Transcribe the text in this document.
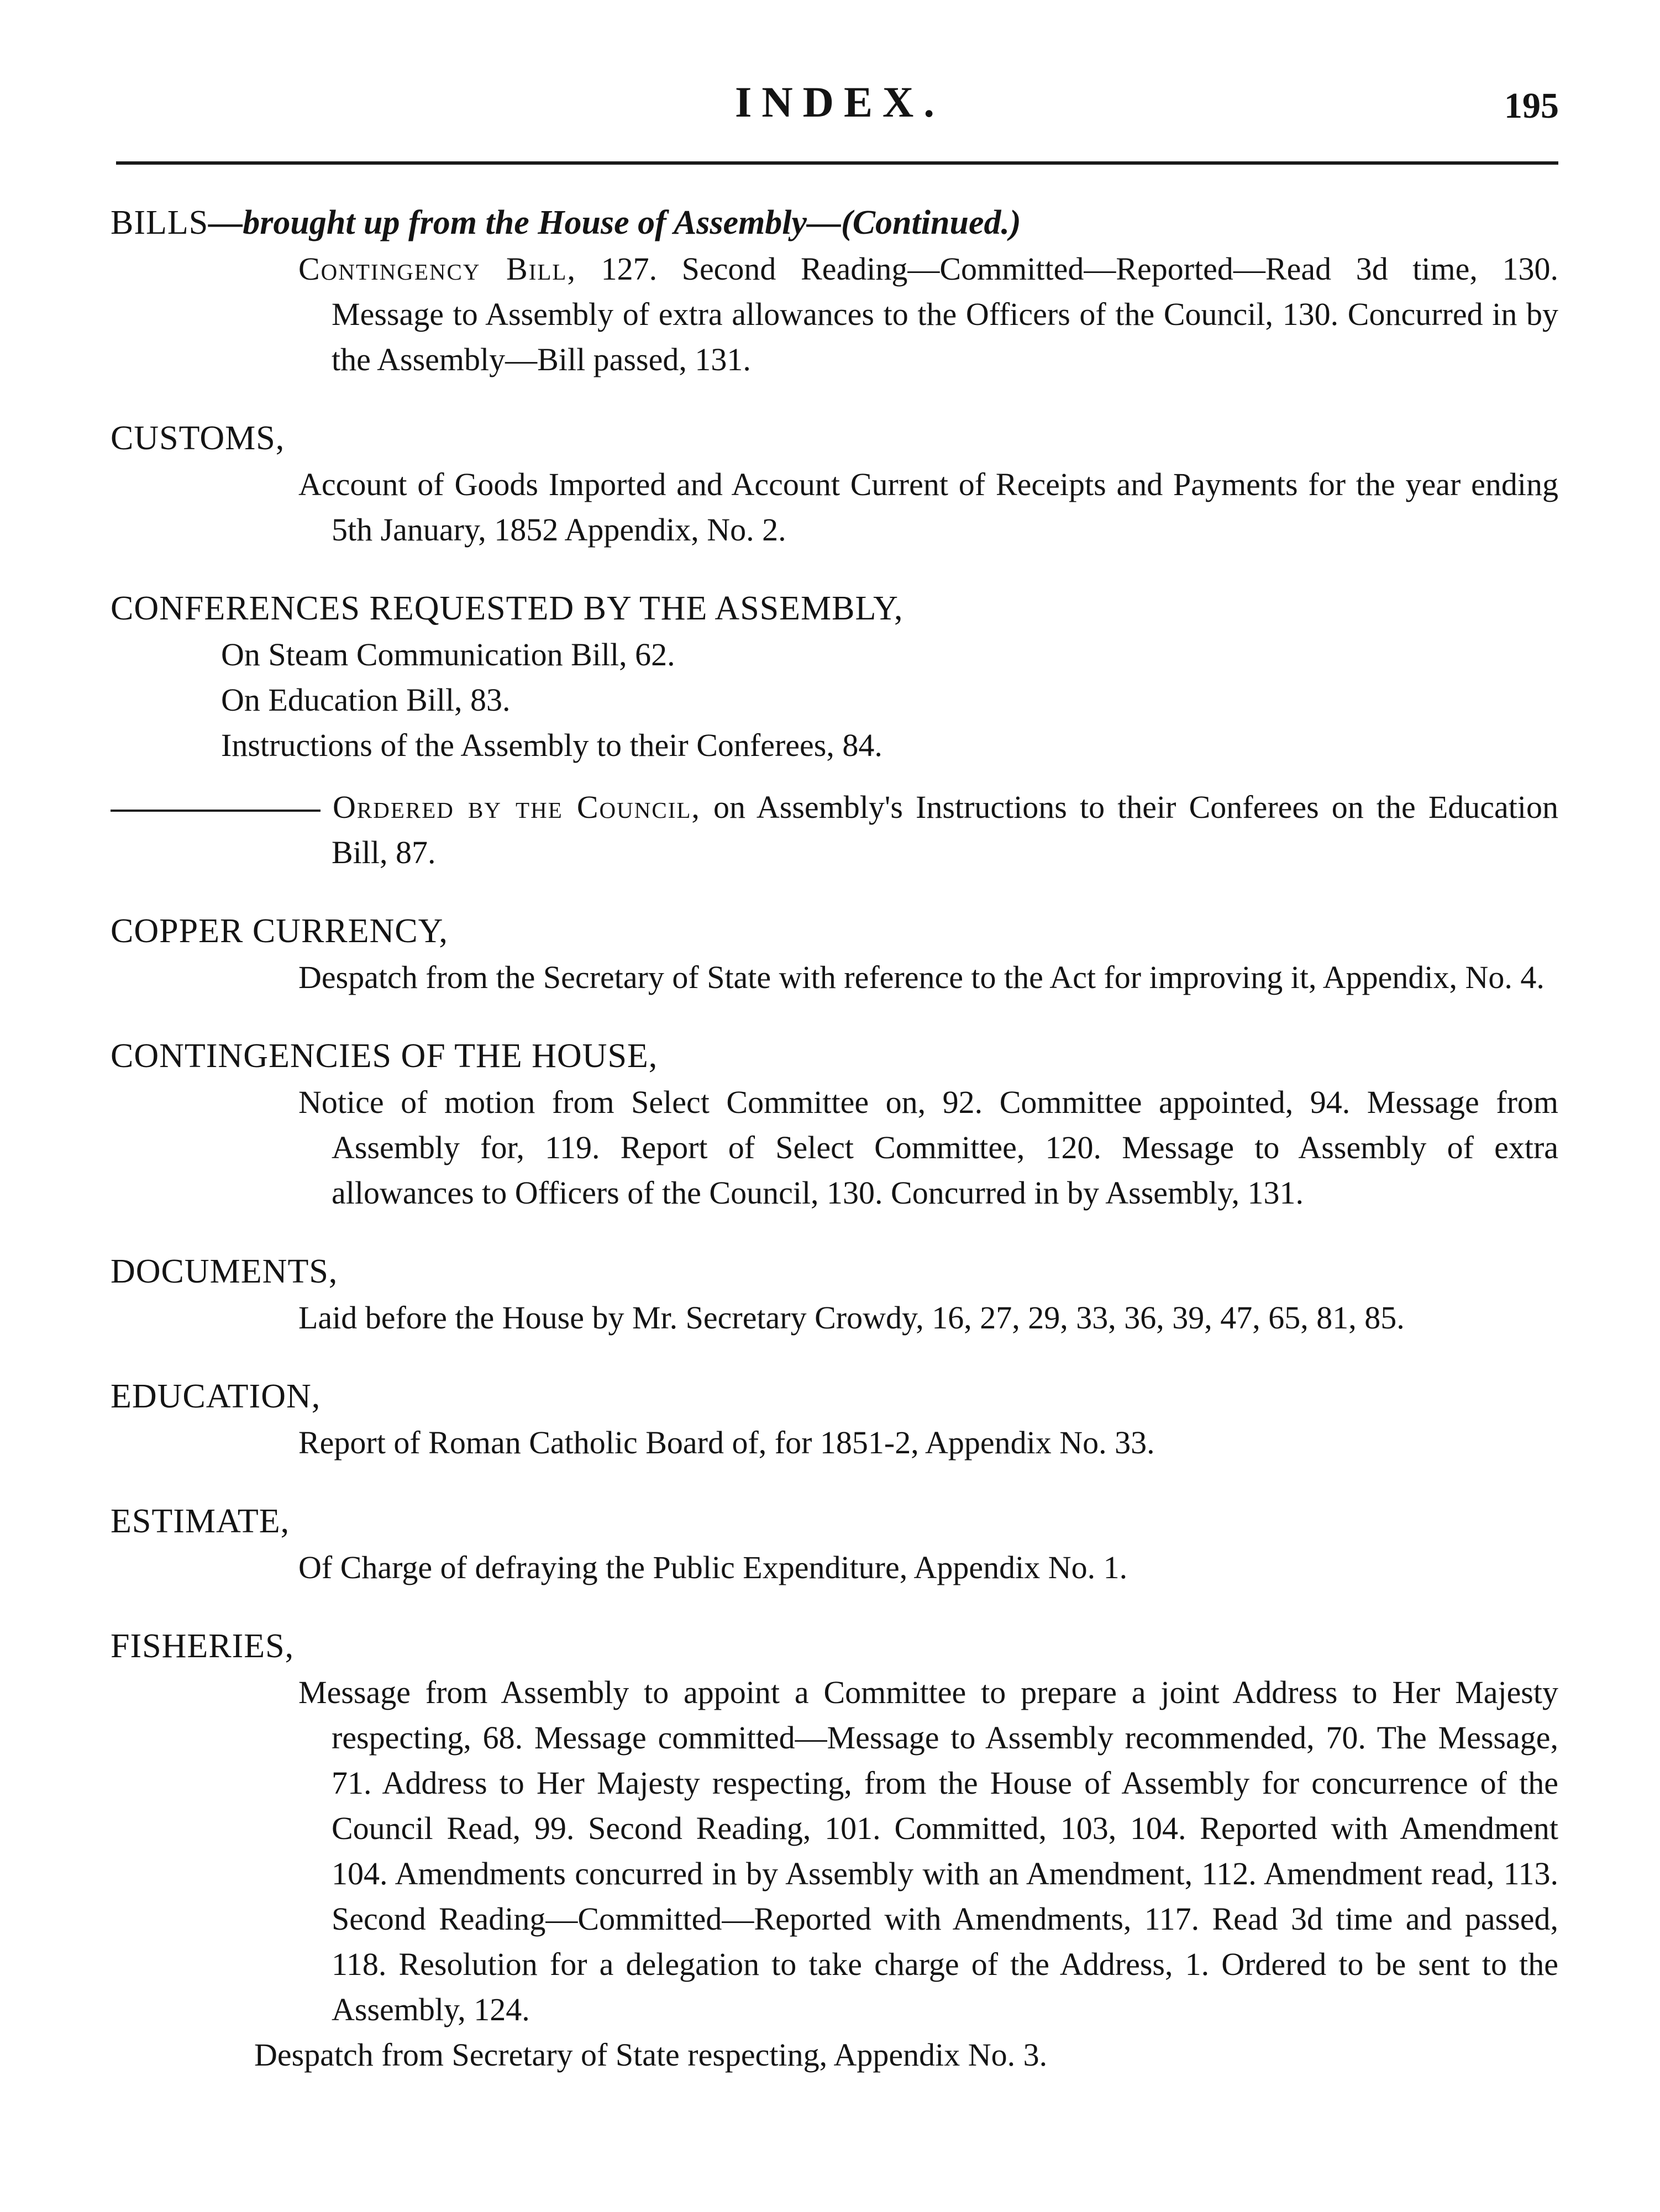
INDEX.	195
BILLS—brought up from the House of Assembly—(Continued.)
Contingency Bill, 127. Second Reading—Committed—Reported—Read 3d time, 130. Message to Assembly of extra allowances to the Officers of the Council, 130. Concurred in by the Assembly—Bill passed, 131.
CUSTOMS,
Account of Goods Imported and Account Current of Receipts and Payments for the year ending 5th January, 1852 Appendix, No. 2.
CONFERENCES REQUESTED BY THE ASSEMBLY,
On Steam Communication Bill, 62.
On Education Bill, 83.
Instructions of the Assembly to their Conferees, 84.
Ordered by the Council, on Assembly's Instructions to their Conferees on the Education Bill, 87.
COPPER CURRENCY,
Despatch from the Secretary of State with reference to the Act for improving it, Appendix, No. 4.
CONTINGENCIES OF THE HOUSE,
Notice of motion from Select Committee on, 92. Committee appointed, 94. Message from Assembly for, 119. Report of Select Committee, 120. Message to Assembly of extra allowances to Officers of the Council, 130. Concurred in by Assembly, 131.
DOCUMENTS,
Laid before the House by Mr. Secretary Crowdy, 16, 27, 29, 33, 36, 39, 47, 65, 81, 85.
EDUCATION,
Report of Roman Catholic Board of, for 1851-2, Appendix No. 33.
ESTIMATE,
Of Charge of defraying the Public Expenditure, Appendix No. 1.
FISHERIES,
Message from Assembly to appoint a Committee to prepare a joint Address to Her Majesty respecting, 68. Message committed—Message to Assembly recommended, 70. The Message, 71. Address to Her Majesty respecting, from the House of Assembly for concurrence of the Council Read, 99. Second Reading, 101. Committed, 103, 104. Reported with Amendment 104. Amendments concurred in by Assembly with an Amendment, 112. Amendment read, 113. Second Reading—Committed—Reported with Amendments, 117. Read 3d time and passed, 118. Resolution for a delegation to take charge of the Address, 1. Ordered to be sent to the Assembly, 124.
Despatch from Secretary of State respecting, Appendix No. 3.
